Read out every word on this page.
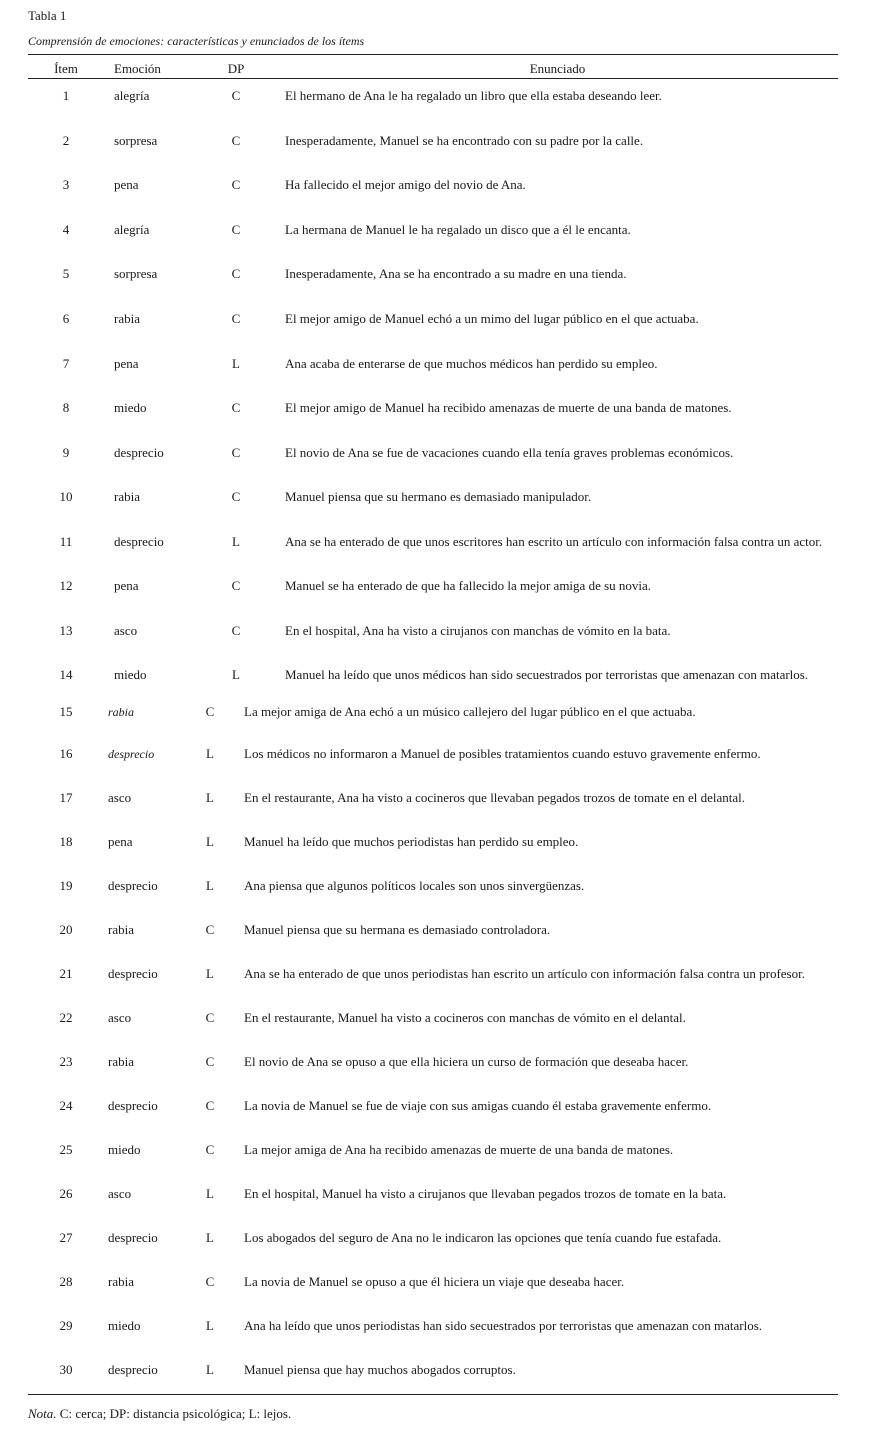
Tabla 1
Comprensión de emociones: características y enunciados de los ítems
Ítem	Emoción	DP	Enunciado
1	alegría	C	El hermano de Ana le ha regalado un libro que ella estaba deseando leer.
2	sorpresa	C	Inesperadamente, Manuel se ha encontrado con su padre por la calle.
3	pena	C	Ha fallecido el mejor amigo del novio de Ana.
4	alegría	C	La hermana de Manuel le ha regalado un disco que a él le encanta.
5	sorpresa	C	Inesperadamente, Ana se ha encontrado a su madre en una tienda.
6	rabia	C	El mejor amigo de Manuel echó a un mimo del lugar público en el que actuaba.
7	pena	L	Ana acaba de enterarse de que muchos médicos han perdido su empleo.
8	miedo	C	El mejor amigo de Manuel ha recibido amenazas de muerte de una banda de matones.
9	desprecio	C	El novio de Ana se fue de vacaciones cuando ella tenía graves problemas económicos.
10	rabia	C	Manuel piensa que su hermano es demasiado manipulador.
11	desprecio	L	Ana se ha enterado de que unos escritores han escrito un artículo con información falsa contra un actor.
12	pena	C	Manuel se ha enterado de que ha fallecido la mejor amiga de su novia.
13	asco	C	En el hospital, Ana ha visto a cirujanos con manchas de vómito en la bata.
14	miedo	L	Manuel ha leído que unos médicos han sido secuestrados por terroristas que amenazan con matarlos.
15	rabia	C	La mejor amiga de Ana echó a un músico callejero del lugar público en el que actuaba.
16	desprecio	L	Los médicos no informaron a Manuel de posibles tratamientos cuando estuvo gravemente enfermo.
17	asco	L	En el restaurante, Ana ha visto a cocineros que llevaban pegados trozos de tomate en el delantal.
18	pena	L	Manuel ha leído que muchos periodistas han perdido su empleo.
19	desprecio	L	Ana piensa que algunos políticos locales son unos sinvergüenzas.
20	rabia	C	Manuel piensa que su hermana es demasiado controladora.
21	desprecio	L	Ana se ha enterado de que unos periodistas han escrito un artículo con información falsa contra un profesor.
22	asco	C	En el restaurante, Manuel ha visto a cocineros con manchas de vómito en el delantal.
23	rabia	C	El novio de Ana se opuso a que ella hiciera un curso de formación que deseaba hacer.
24	desprecio	C	La novia de Manuel se fue de viaje con sus amigas cuando él estaba gravemente enfermo.
25	miedo	C	La mejor amiga de Ana ha recibido amenazas de muerte de una banda de matones.
26	asco	L	En el hospital, Manuel ha visto a cirujanos que llevaban pegados trozos de tomate en la bata.
27	desprecio	L	Los abogados del seguro de Ana no le indicaron las opciones que tenía cuando fue estafada.
28	rabia	C	La novia de Manuel se opuso a que él hiciera un viaje que deseaba hacer.
29	miedo	L	Ana ha leído que unos periodistas han sido secuestrados por terroristas que amenazan con matarlos.
30	desprecio	L	Manuel piensa que hay muchos abogados corruptos.
Nota. C: cerca; DP: distancia psicológica; L: lejos.
